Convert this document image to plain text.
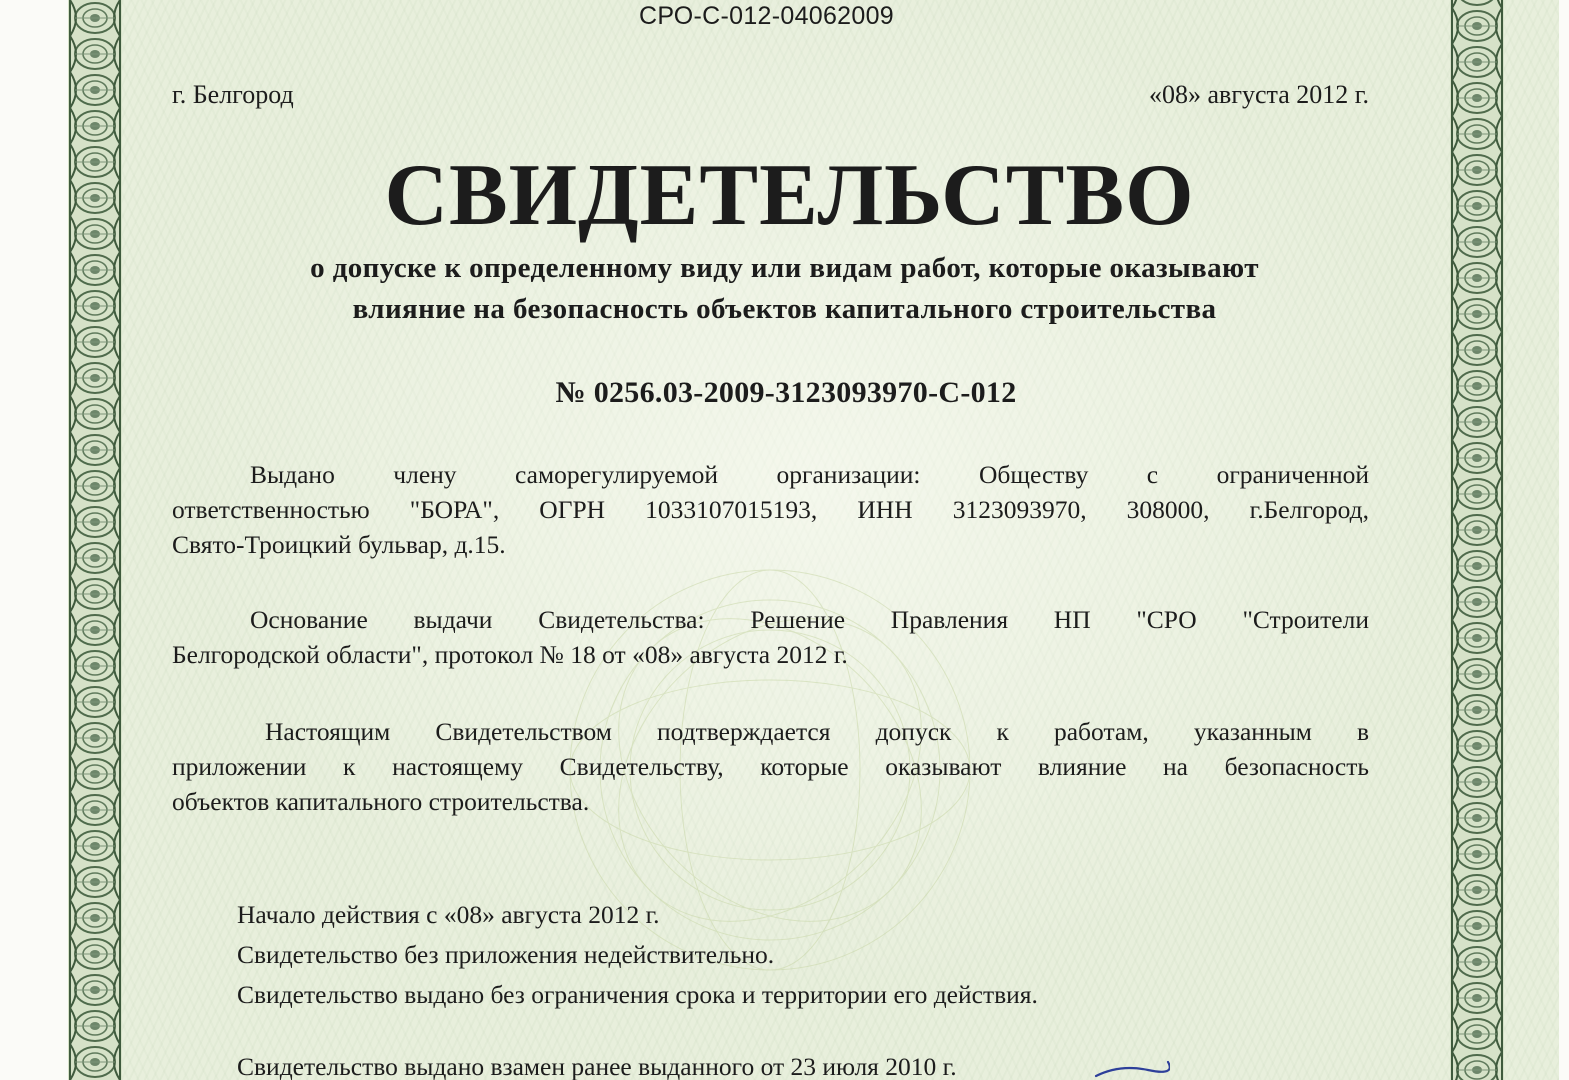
СРО-С-012-04062009
г. Белгород	«08» августа 2012 г.
СВИДЕТЕЛЬСТВО
о допуске к определенному виду или видам работ, которые оказывают
влияние на безопасность объектов капитального строительства
№ 0256.03-2009-3123093970-С-012
Выдано члену саморегулируемой организации: Обществу с ограниченной
ответственностью "БОРА", ОГРН 1033107015193, ИНН 3123093970, 308000, г.Белгород,
Свято-Троицкий бульвар, д.15.
Основание выдачи Свидетельства: Решение Правления НП "СРО "Строители
Белгородской области", протокол № 18 от «08» августа 2012 г.
Настоящим Свидетельством подтверждается допуск к работам, указанным в
приложении к настоящему Свидетельству, которые оказывают влияние на безопасность
объектов капитального строительства.
Начало действия с «08» августа 2012 г.
Свидетельство без приложения недействительно.
Свидетельство выдано без ограничения срока и территории его действия.
Свидетельство выдано взамен ранее выданного от 23 июля 2010 г.
